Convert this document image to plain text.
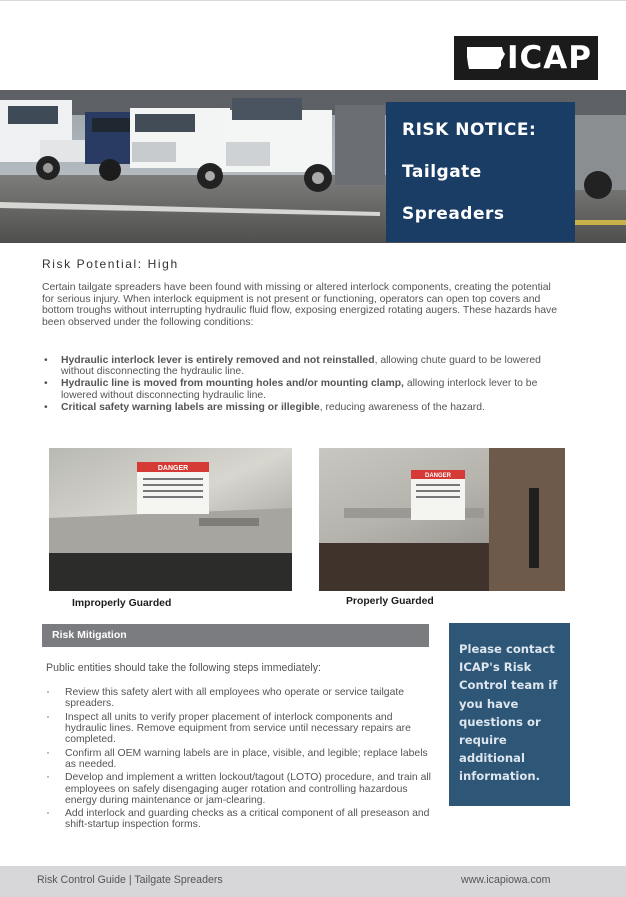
ICAP
RISK NOTICE:
Tailgate
Spreaders
Risk Potential: High

Certain tailgate spreaders have been found with missing or altered interlock components, creating the potential for serious injury. When interlock equipment is not present or functioning, operators can open top covers and bottom troughs without interrupting hydraulic fluid flow, exposing energized rotating augers. These hazards have been observed under the following conditions:

• Hydraulic interlock lever is entirely removed and not reinstalled, allowing chute guard to be lowered without disconnecting the hydraulic line.
• Hydraulic line is moved from mounting holes and/or mounting clamp, allowing interlock lever to be lowered without disconnecting hydraulic line.
• Critical safety warning labels are missing or illegible, reducing awareness of the hazard.
DANGER
Improperly Guarded
DANGER
Properly Guarded
Risk Mitigation
Public entities should take the following steps immediately:
· Review this safety alert with all employees who operate or service tailgate spreaders.
· Inspect all units to verify proper placement of interlock components and hydraulic lines. Remove equipment from service until necessary repairs are completed.
· Confirm all OEM warning labels are in place, visible, and legible; replace labels as needed.
· Develop and implement a written lockout/tagout (LOTO) procedure, and train all employees on safely disengaging auger rotation and controlling hazardous energy during maintenance or jam-clearing.
· Add interlock and guarding checks as a critical component of all preseason and shift-startup inspection forms.
Please contact ICAP's Risk Control team if you have questions or require additional information.
Risk Control Guide | Tailgate Spreaders	www.icapiowa.com
